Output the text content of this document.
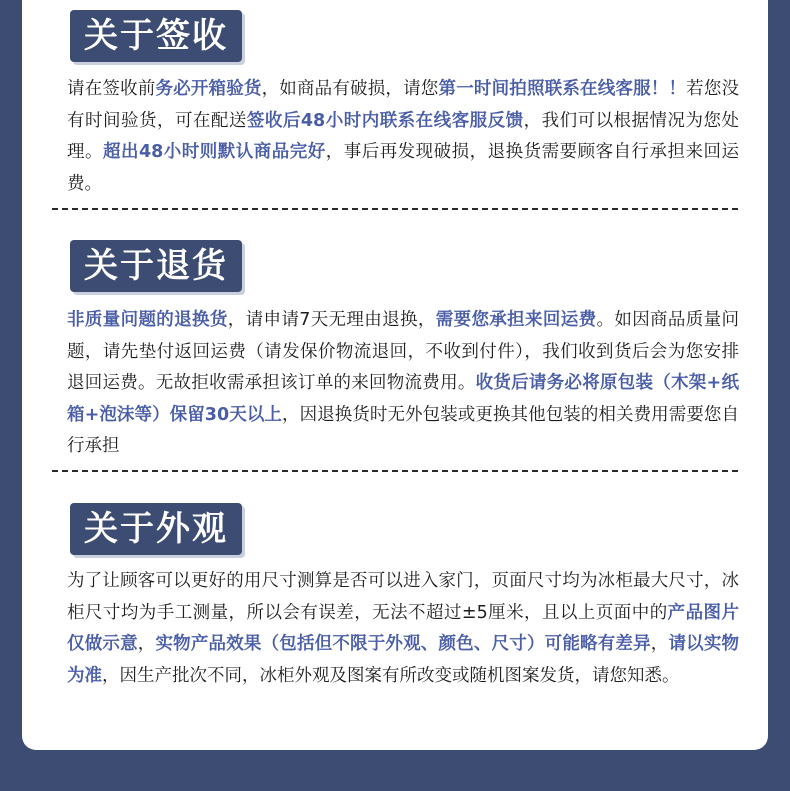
关于签收

请在签收前务必开箱验货，如商品有破损，请您第一时间拍照联系在线客服！！若您没有时间验货，可在配送签收后48小时内联系在线客服反馈，我们可以根据情况为您处理。超出48小时则默认商品完好，事后再发现破损，退换货需要顾客自行承担来回运费。

关于退货

非质量问题的退换货，请申请7天无理由退换，需要您承担来回运费。如因商品质量问题，请先垫付返回运费（请发保价物流退回，不收到付件），我们收到货后会为您安排退回运费。无故拒收需承担该订单的来回物流费用。收货后请务必将原包装（木架+纸箱+泡沫等）保留30天以上，因退换货时无外包装或更换其他包装的相关费用需要您自行承担

关于外观

为了让顾客可以更好的用尺寸测算是否可以进入家门，页面尺寸均为冰柜最大尺寸，冰柜尺寸均为手工测量，所以会有误差，无法不超过±5厘米，且以上页面中的产品图片仅做示意，实物产品效果（包括但不限于外观、颜色、尺寸）可能略有差异，请以实物为准，因生产批次不同，冰柜外观及图案有所改变或随机图案发货，请您知悉。
